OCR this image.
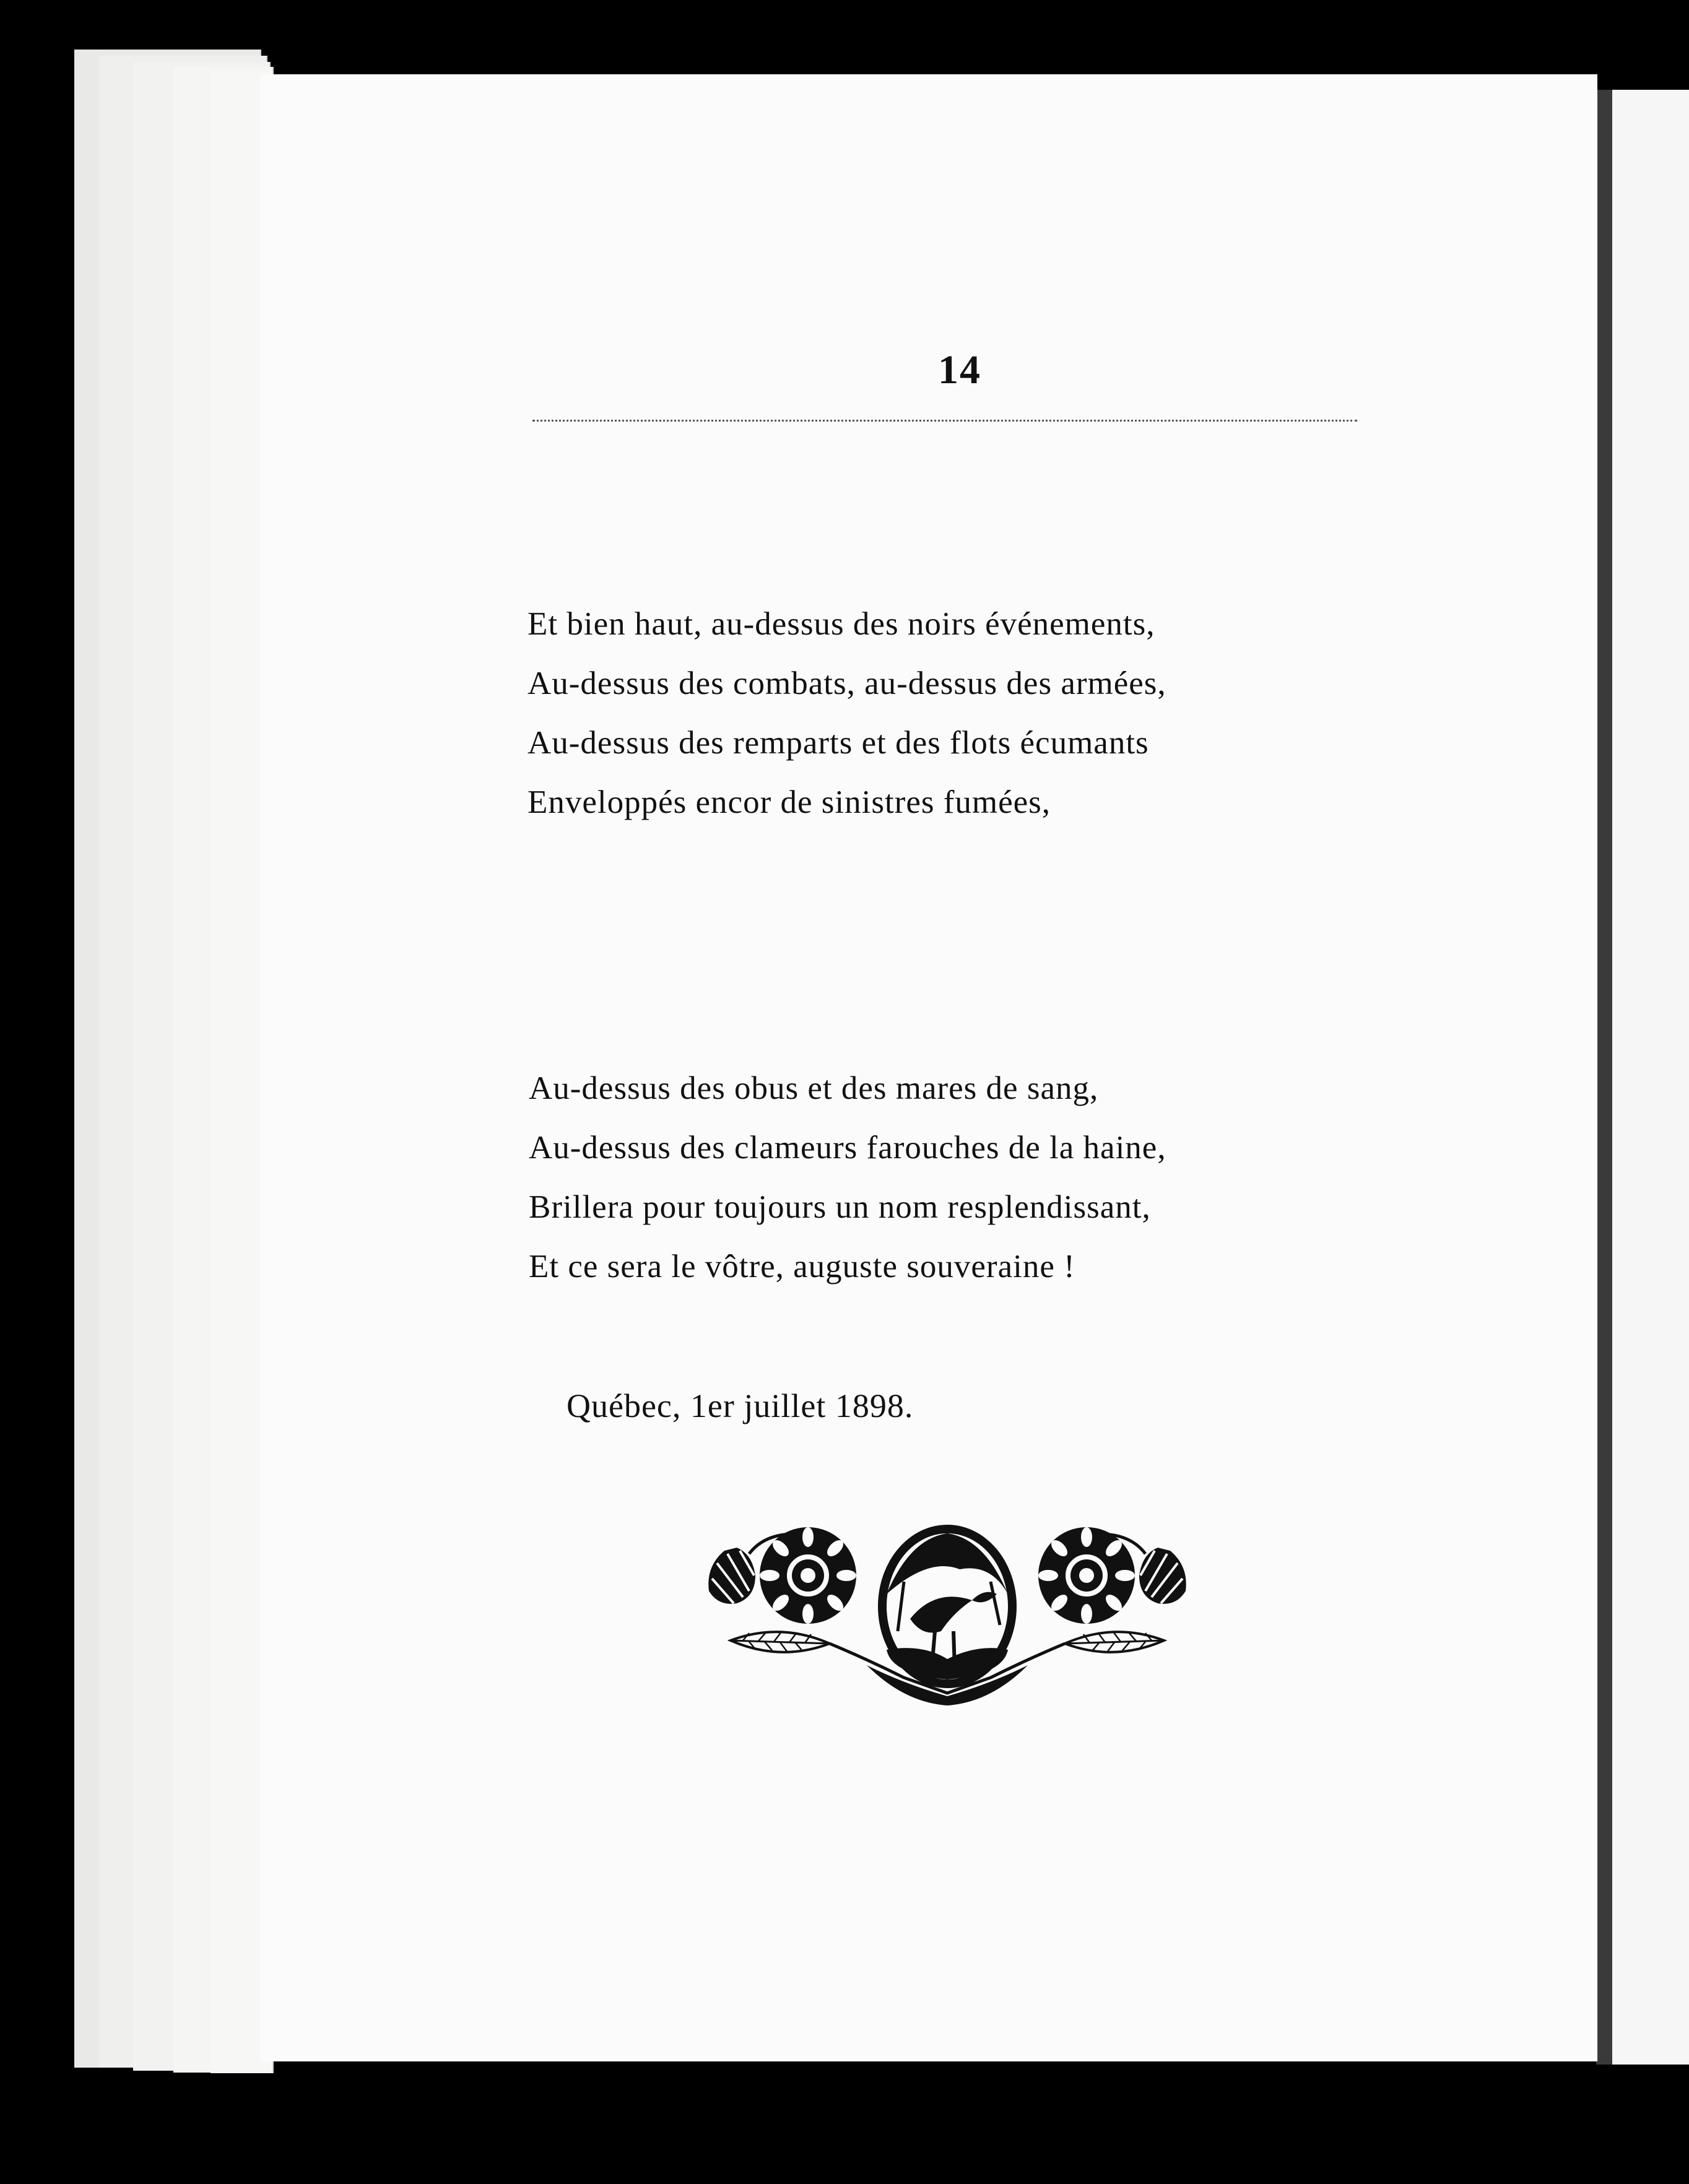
14
Et bien haut, au-dessus des noirs événements,
Au-dessus des combats, au-dessus des armées,
Au-dessus des remparts et des flots écumants
Enveloppés encor de sinistres fumées,
Au-dessus des obus et des mares de sang,
Au-dessus des clameurs farouches de la haine,
Brillera pour toujours un nom resplendissant,
Et ce sera le vôtre, auguste souveraine !
Québec, 1er juillet 1898.
